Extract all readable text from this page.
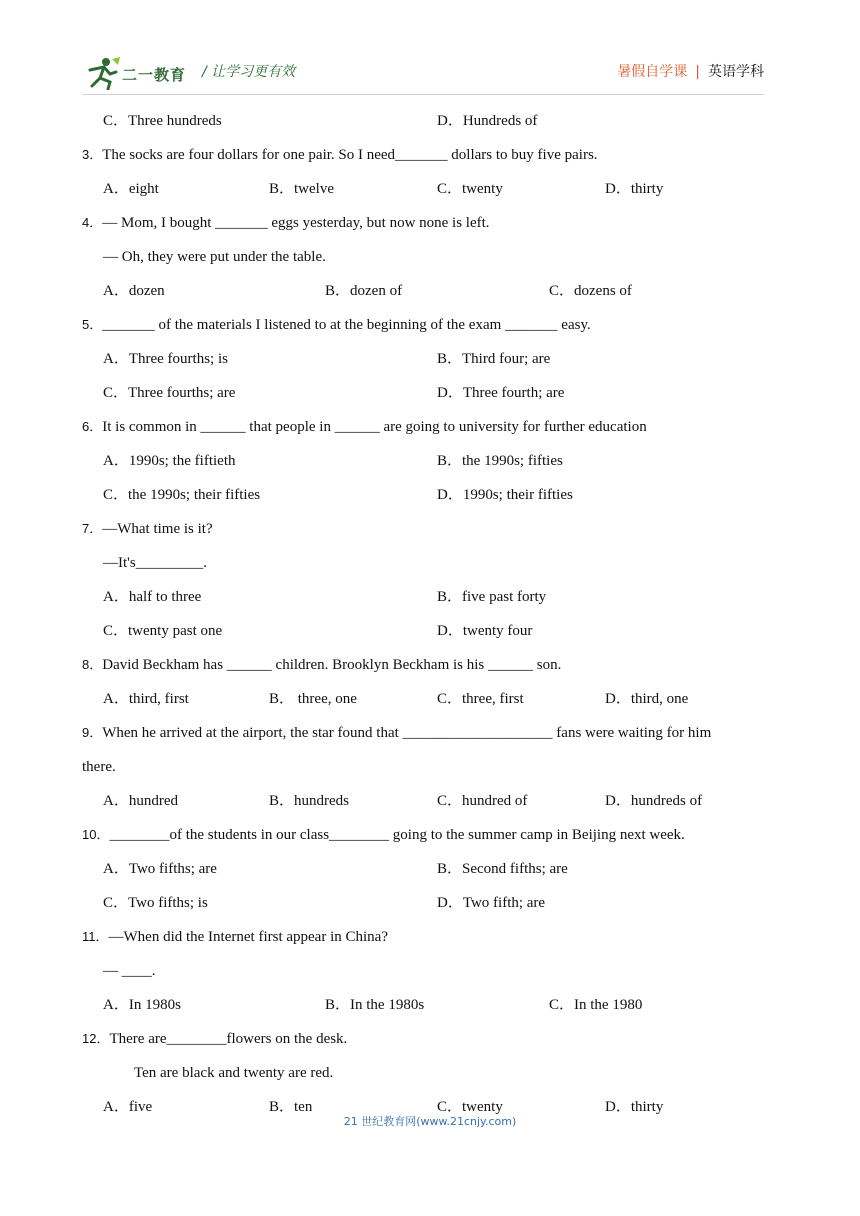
二一教育 / 让学习更有效	暑假自学课 | 英语学科
C．Three hundreds	D．Hundreds of
3．The socks are four dollars for one pair. So I need_______ dollars to buy five pairs.
A．eight	B．twelve	C．twenty	D．thirty
4．— Mom, I bought _______ eggs yesterday, but now none is left.
— Oh, they were put under the table.
A．dozen	B．dozen of	C．dozens of
5．_______ of the materials I listened to at the beginning of the exam _______ easy.
A．Three fourths; is	B．Third four; are
C．Three fourths; are	D．Three fourth; are
6．It is common in ______ that people in ______ are going to university for further education
A．1990s; the fiftieth	B．the 1990s; fifties
C．the 1990s; their fifties	D．1990s; their fifties
7．—What time is it?
—It's_________.
A．half to three	B．five past forty
C．twenty past one	D．twenty four
8．David Beckham has ______ children. Brooklyn Beckham is his ______ son.
A．third, first	B． three, one	C．three, first	D．third, one
9．When he arrived at the airport, the star found that ____________________ fans were waiting for him
there.
A．hundred	B．hundreds	C．hundred of	D．hundreds of
10．________of the students in our class________ going to the summer camp in Beijing next week.
A．Two fifths; are	B．Second fifths; are
C．Two fifths; is	D．Two fifth; are
11．—When did the Internet first appear in China?
— ____.
A．In 1980s	B．In the 1980s	C．In the 1980
12．There are________flowers on the desk.
Ten are black and twenty are red.
A．five	B．ten	C．twenty	D．thirty
21 世纪教育网(www.21cnjy.com)
